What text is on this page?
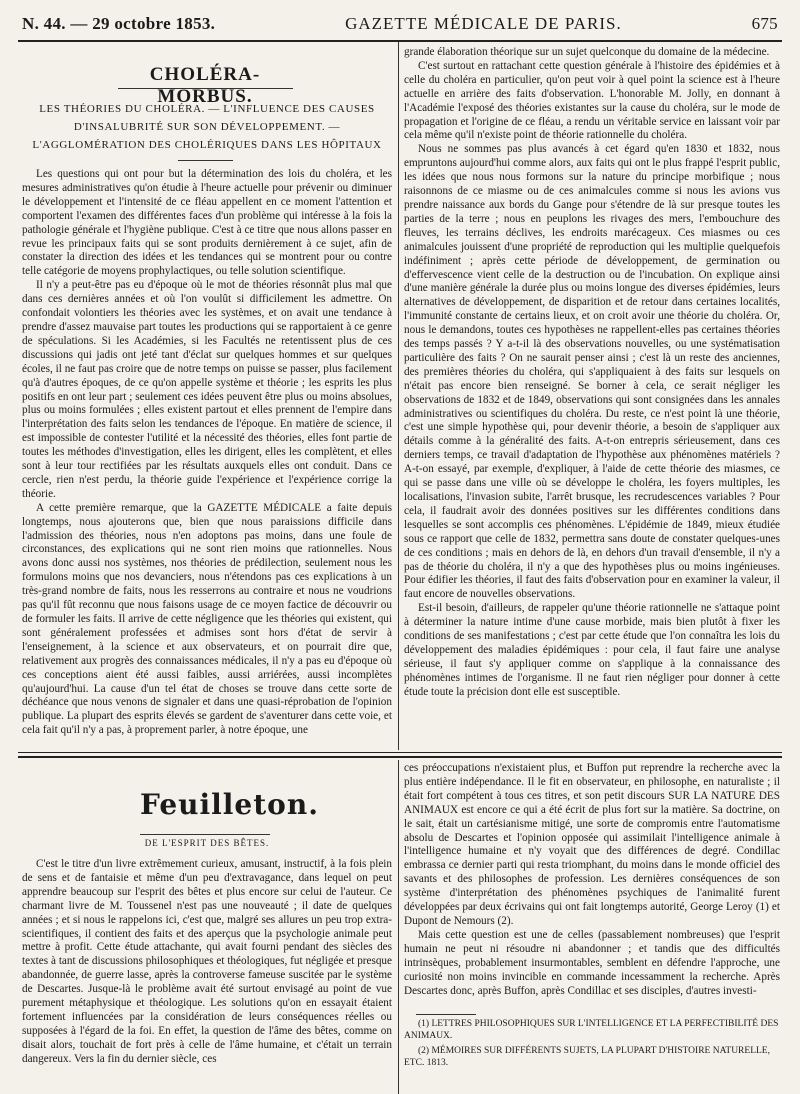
N. 44. — 29 octobre 1853.	GAZETTE MÉDICALE DE PARIS.	675
CHOLÉRA-MORBUS.
LES THÉORIES DU CHOLÉRA. — L'INFLUENCE DES CAUSES D'INSALUBRITÉ SUR SON DÉVELOPPEMENT. — L'AGGLOMÉRATION DES CHOLÉRIQUES DANS LES HÔPITAUX

Les questions qui ont pour but la détermination des lois du choléra, et les mesures administratives qu'on étudie à l'heure actuelle pour prévenir ou diminuer le développement et l'intensité de ce fléau appellent en ce moment l'attention et comportent l'examen des différentes faces d'un problème qui intéresse à la fois la pathologie générale et l'hygiène publique. C'est à ce titre que nous allons passer en revue les principaux faits qui se sont produits dernièrement à ce sujet, afin de constater la direction des idées et les tendances qui se montrent pour ou contre telle catégorie de moyens prophylactiques, ou telle solution scientifique.

Il n'y a peut-être pas eu d'époque où le mot de théories résonnât plus mal que dans ces dernières années et où l'on voulût si difficilement les admettre. On confondait volontiers les théories avec les systèmes, et on avait une tendance à prendre d'assez mauvaise part toutes les productions qui se rapportaient à ce genre de spéculations. Si les Académies, si les Facultés ne retentissent plus de ces discussions qui jadis ont jeté tant d'éclat sur quelques hommes et sur quelques écoles, il ne faut pas croire que de notre temps on puisse se passer, plus facilement qu'à d'autres époques, de ce qu'on appelle système et théorie ; les esprits les plus positifs en ont leur part ; seulement ces idées peuvent être plus ou moins absolues, plus ou moins formulées ; elles existent partout et elles prennent de l'empire dans l'interprétation des faits selon les tendances de l'époque. En matière de science, il est impossible de contester l'utilité et la nécessité des théories, elles font partie de toutes les méthodes d'investigation, elles les dirigent, elles les complètent, et elles sont à leur tour rectifiées par les résultats auxquels elles ont conduit. Dans ce cercle, rien n'est perdu, la théorie guide l'expérience et l'expérience corrige la théorie.

A cette première remarque, que la GAZETTE MÉDICALE a faite depuis longtemps, nous ajouterons que, bien que nous paraissions difficile dans l'admission des théories, nous n'en adoptons pas moins, dans une foule de circonstances, des explications qui ne sont rien moins que rationnelles. Nous avons donc aussi nos systèmes, nos théories de prédilection, seulement nous les formulons moins que nos devanciers, nous n'étendons pas ces explications à un très-grand nombre de faits, nous les resserrons au contraire et nous ne voudrions pas qu'il fût reconnu que nous faisons usage de ce moyen factice de découvrir ou de formuler les faits. Il arrive de cette négligence que les théories qui existent, qui sont généralement professées et admises sont hors d'état de servir à l'enseignement, à la science et aux observateurs, et on pourrait dire que, relativement aux progrès des connaissances médicales, il n'y a pas eu d'époque où ces conceptions aient été aussi faibles, aussi arriérées, aussi incomplètes qu'aujourd'hui. La cause d'un tel état de choses se trouve dans cette sorte de déchéance que nous venons de signaler et dans une quasi-réprobation de l'opinion publique. La plupart des esprits élevés se gardent de s'aventurer dans cette voie, et cela fait qu'il n'y a pas, à proprement parler, à notre époque, une

grande élaboration théorique sur un sujet quelconque du domaine de la médecine.

C'est surtout en rattachant cette question générale à l'histoire des épidémies et à celle du choléra en particulier, qu'on peut voir à quel point la science est à l'heure actuelle en arrière des faits d'observation. L'honorable M. Jolly, en donnant à l'Académie l'exposé des théories existantes sur la cause du choléra, sur le mode de propagation et l'origine de ce fléau, a rendu un véritable service en laissant voir par cela même qu'il n'existe point de théorie rationnelle du choléra.

Nous ne sommes pas plus avancés à cet égard qu'en 1830 et 1832, nous empruntons aujourd'hui comme alors, aux faits qui ont le plus frappé l'esprit public, les idées que nous nous formons sur la nature du principe morbifique ; nous raisonnons de ce miasme ou de ces animalcules comme si nous les avions vus prendre naissance aux bords du Gange pour s'étendre de là sur presque toutes les parties de la terre ; nous en peuplons les rivages des mers, l'embouchure des fleuves, les terrains déclives, les endroits marécageux. Ces miasmes ou ces animalcules jouissent d'une propriété de reproduction qui les multiplie quelquefois indéfiniment ; après cette période de développement, de germination ou d'effervescence vient celle de la destruction ou de l'incubation. On explique ainsi d'une manière générale la durée plus ou moins longue des diverses épidémies, leurs alternatives de développement, de disparition et de retour dans certaines localités, l'immunité constante de certains lieux, et on croit avoir une théorie du choléra. Or, nous le demandons, toutes ces hypothèses ne rappellent-elles pas certaines théories des temps passés ? Y a-t-il là des observations nouvelles, ou une systématisation particulière des faits ? On ne saurait penser ainsi ; c'est là un reste des anciennes, des premières théories du choléra, qui s'appliquaient à des faits sur lesquels on n'était pas encore bien renseigné. Se borner à cela, ce serait négliger les observations de 1832 et de 1849, observations qui sont consignées dans les annales administratives ou scientifiques du choléra. Du reste, ce n'est point là une théorie, c'est une simple hypothèse qui, pour devenir théorie, a besoin de s'appliquer aux détails comme à la généralité des faits. A-t-on entrepris sérieusement, dans ces derniers temps, ce travail d'adaptation de l'hypothèse aux phénomènes matériels ? A-t-on essayé, par exemple, d'expliquer, à l'aide de cette théorie des miasmes, ce qui se passe dans une ville où se développe le choléra, les foyers multiples, les localisations, l'invasion subite, l'arrêt brusque, les recrudescences variables ? Pour cela, il faudrait avoir des données positives sur les différentes conditions dans lesquelles se sont accomplis ces phénomènes. L'épidémie de 1849, mieux étudiée sous ce rapport que celle de 1832, permettra sans doute de constater quelques-unes de ces conditions ; mais en dehors de là, en dehors d'un travail d'ensemble, il n'y a pas de théorie du choléra, il n'y a que des hypothèses plus ou moins ingénieuses. Pour édifier les théories, il faut des faits d'observation pour en examiner la valeur, il faut encore de nouvelles observations.

Est-il besoin, d'ailleurs, de rappeler qu'une théorie rationnelle ne s'attaque point à déterminer la nature intime d'une cause morbide, mais bien plutôt à fixer les conditions de ses manifestations ; c'est par cette étude que l'on connaîtra les lois du développement des maladies épidémiques : pour cela, il faut faire une analyse sérieuse, il faut s'y appliquer comme on s'applique à la connaissance des phénomènes intimes de l'organisme. Il ne faut rien négliger pour donner à cette étude toute la précision dont elle est susceptible.

Feuilleton.
DE L'ESPRIT DES BÊTES.

C'est le titre d'un livre extrêmement curieux, amusant, instructif, à la fois plein de sens et de fantaisie et même d'un peu d'extravagance, dans lequel on peut apprendre beaucoup sur l'esprit des bêtes et plus encore sur celui de l'auteur. Ce charmant livre de M. Toussenel n'est pas une nouveauté ; il date de quelques années ; et si nous le rappelons ici, c'est que, malgré ses allures un peu trop extra-scientifiques, il contient des faits et des aperçus que la psychologie animale peut mettre à profit. Cette étude attachante, qui avait fourni pendant des siècles des textes à tant de discussions philosophiques et théologiques, fut négligée et presque abandonnée, de guerre lasse, après la controverse fameuse suscitée par le système de Descartes. Jusque-là le problème avait été surtout envisagé au point de vue purement métaphysique et théologique. Les solutions qu'on en essayait étaient fortement influencées par la considération de leurs conséquences réelles ou supposées à l'égard de la foi. En effet, la question de l'âme des bêtes, comme on disait alors, touchait de fort près à celle de l'âme humaine, et c'était un terrain dangereux. Vers la fin du dernier siècle, ces

ces préoccupations n'existaient plus, et Buffon put reprendre la recherche avec la plus entière indépendance. Il le fit en observateur, en philosophe, en naturaliste ; il était fort compétent à tous ces titres, et son petit discours SUR LA NATURE DES ANIMAUX est encore ce qui a été écrit de plus fort sur la matière. Sa doctrine, on le sait, était un cartésianisme mitigé, une sorte de compromis entre l'automatisme absolu de Descartes et l'opinion opposée qui assimilait l'intelligence animale à l'intelligence humaine et n'y voyait que des différences de degré. Condillac embrassa ce dernier parti qui resta triomphant, du moins dans le monde officiel des savants et des philosophes de profession. Les dernières conséquences de son système d'interprétation des phénomènes psychiques de l'animalité furent développées par deux écrivains qui ont fait longtemps autorité, George Leroy (1) et Dupont de Nemours (2).

Mais cette question est une de celles (passablement nombreuses) que l'esprit humain ne peut ni résoudre ni abandonner ; et tandis que des difficultés intrinsèques, probablement insurmontables, semblent en défendre l'approche, une curiosité non moins invincible en commande incessamment la recherche. Après Descartes donc, après Buffon, après Condillac et ses disciples, d'autres investi-

(1) LETTRES PHILOSOPHIQUES SUR L'INTELLIGENCE ET LA PERFECTIBILITÉ DES ANIMAUX.

(2) MÉMOIRES SUR DIFFÉRENTS SUJETS, LA PLUPART D'HISTOIRE NATURELLE, ETC. 1813.
